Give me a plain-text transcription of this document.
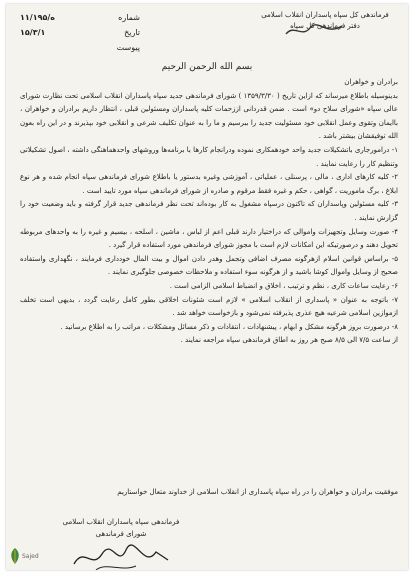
۱۱/۱ه/۹۵	شماره
۱۵/۳/۱	تاریخ
پیوست
فرماندهی کل سپاه پاسداران انقلاب اسلامی
دفتر فرماندهی کل سپاه
بسم الله الرحمن الرحیم

برادران و خواهران

بدینوسیله باطلاع میرساند که ازاین تاریخ ( ۱۳۵۹/۳/۳۰ ) شورای فرماندهی جدید سپاه پاسداران انقلاب اسلامی تحت نظارت شورای عالی سپاه «شورای سلاح دو» است . ضمن قدردانی اززحمات کلیه پاسداران ومسئولین قبلی ، انتظار داریم برادران و خواهران ، باایمان وتقوی وعمل انقلابی خود مسئولیت جدید را ببرسیم و ما را به عنوان تکلیف شرعی و انقلابی خود بپذیرند و در این راه بعون الله توفیقشان بیشتر باشد .

۱- درامورجاری باتشکیلات جدید واحد خودهمکاری نموده ودرانجام کارها با برنامه‌ها وروشهای واحدهماهنگی داشته ، اصول تشکیلاتی وتنظیم کار را رعایت نمایند .

۲- کلیه کارهای اداری ، مالی ، پرسنلی ، عملیاتی ، آموزشی وغیره بدستور یا باطلاع شورای فرماندهی سپاه انجام شده و هر نوع ابلاغ ، برگ ماموریت ، گواهی ، حکم و غیره فقط مرقوم و صادره از شورای فرماندهی سپاه مورد تایید است .

۳- کلیه مسئولین وپاسداران که تاکنون درسپاه مشغول به کار بوده‌اند تحت نظر فرماندهی جدید قرار گرفته و باید وضعیت خود را گزارش نمایند .

۴- صورت وسایل وتجهیزات واموالی که دراختیار دارند قبلی اعم از لباس ، ماشین ، اسلحه ، بیسیم و غیره را به واحدهای مربوطه تحویل دهند و درصورتیکه این امکانات لازم است با مجوز شورای فرماندهی مورد استفاده قرار گیرد .

۵- براساس قوانین اسلام ازهرگونه مصرف اضافی وتجمل وهدر دادن اموال و بیت المال خودداری فرمایند ، نگهداری واستفاده صحیح از وسایل واموال کوشا باشید و از هرگونه سوء استفاده و ملاحظات خصوصی جلوگیری نمایند .

۶- رعایت ساعات کاری ، نظم و ترتیب ، اخلاق و انضباط اسلامی الزامی است .

۷- باتوجه به عنوان « پاسداری از انقلاب اسلامی » لازم است شئونات اخلاقی بطور کامل رعایت گردد ، بدیهی است تخلف ازموازین اسلامی شرعیه هیچ عذری پذیرفته نمی‌شود و بازخواست خواهد شد .

۸- درصورت بروز هرگونه مشکل و ابهام ، پیشنهادات ، انتقادات و ذکر مسائل ومشکلات ، مراتب را به اطلاع برسانید .

از ساعت ۷/۵ الی ۸/۵ صبح هر روز به اطاق فرماندهی سپاه مراجعه نمایند .

موفقیت برادران و خواهران را در راه سپاه پاسداری از انقلاب اسلامی از خداوند متعال خواستاریم
فرماندهی سپاه پاسداران انقلاب اسلامی
شورای فرماندهی
Sajed
